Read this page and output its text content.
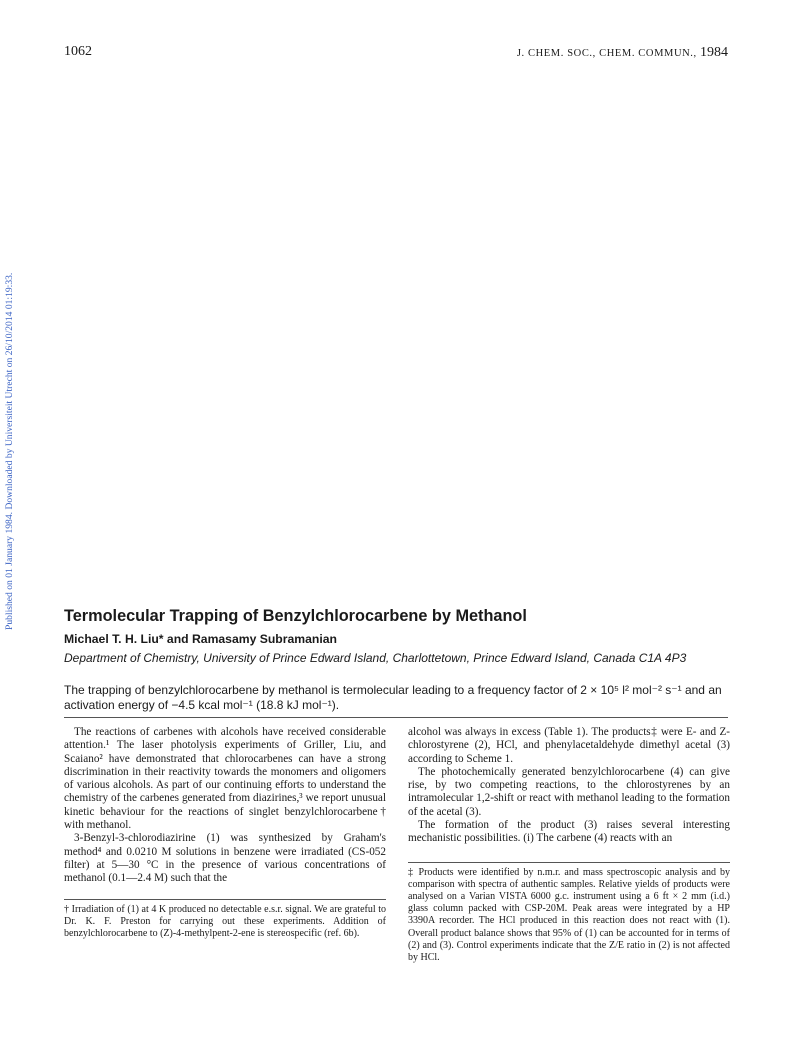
1062	J. CHEM. SOC., CHEM. COMMUN., 1984
Published on 01 January 1984. Downloaded by Universiteit Utrecht on 26/10/2014 01:19:33.	Termolecular Trapping of Benzylchlorocarbene by Methanol
Michael T. H. Liu* and Ramasamy Subramanian
Department of Chemistry, University of Prince Edward Island, Charlottetown, Prince Edward Island, Canada C1A 4P3

The trapping of benzylchlorocarbene by methanol is termolecular leading to a frequency factor of 2 × 10⁵ l² mol⁻² s⁻¹ and an activation energy of −4.5 kcal mol⁻¹ (18.8 kJ mol⁻¹).

The reactions of carbenes with alcohols have received considerable attention.¹ The laser photolysis experiments of Griller, Liu, and Scaiano² have demonstrated that chlorocarbenes can have a strong discrimination in their reactivity towards the monomers and oligomers of various alcohols. As part of our continuing efforts to understand the chemistry of the carbenes generated from diazirines,³ we report unusual kinetic behaviour for the reactions of singlet benzylchlorocarbene† with methanol.

3-Benzyl-3-chlorodiazirine (1) was synthesized by Graham's method⁴ and 0.0210 M solutions in benzene were irradiated (CS-052 filter) at 5—30 °C in the presence of various concentrations of methanol (0.1—2.4 M) such that the

† Irradiation of (1) at 4 K produced no detectable e.s.r. signal. We are grateful to Dr. K. F. Preston for carrying out these experiments. Addition of benzylchlorocarbene to (Z)-4-methylpent-2-ene is stereospecific (ref. 6b).

alcohol was always in excess (Table 1). The products‡ were E- and Z-chlorostyrene (2), HCl, and phenylacetaldehyde dimethyl acetal (3) according to Scheme 1.

The photochemically generated benzylchlorocarbene (4) can give rise, by two competing reactions, to the chlorostyrenes by an intramolecular 1,2-shift or react with methanol leading to the formation of the acetal (3).

The formation of the product (3) raises several interesting mechanistic possibilities. (i) The carbene (4) reacts with an

‡ Products were identified by n.m.r. and mass spectroscopic analysis and by comparison with spectra of authentic samples. Relative yields of products were analysed on a Varian VISTA 6000 g.c. instrument using a 6 ft × 2 mm (i.d.) glass column packed with CSP-20M. Peak areas were integrated by a HP 3390A recorder. The HCl produced in this reaction does not react with (1). Overall product balance shows that 95% of (1) can be accounted for in terms of (2) and (3). Control experiments indicate that the Z/E ratio in (2) is not affected by HCl.
